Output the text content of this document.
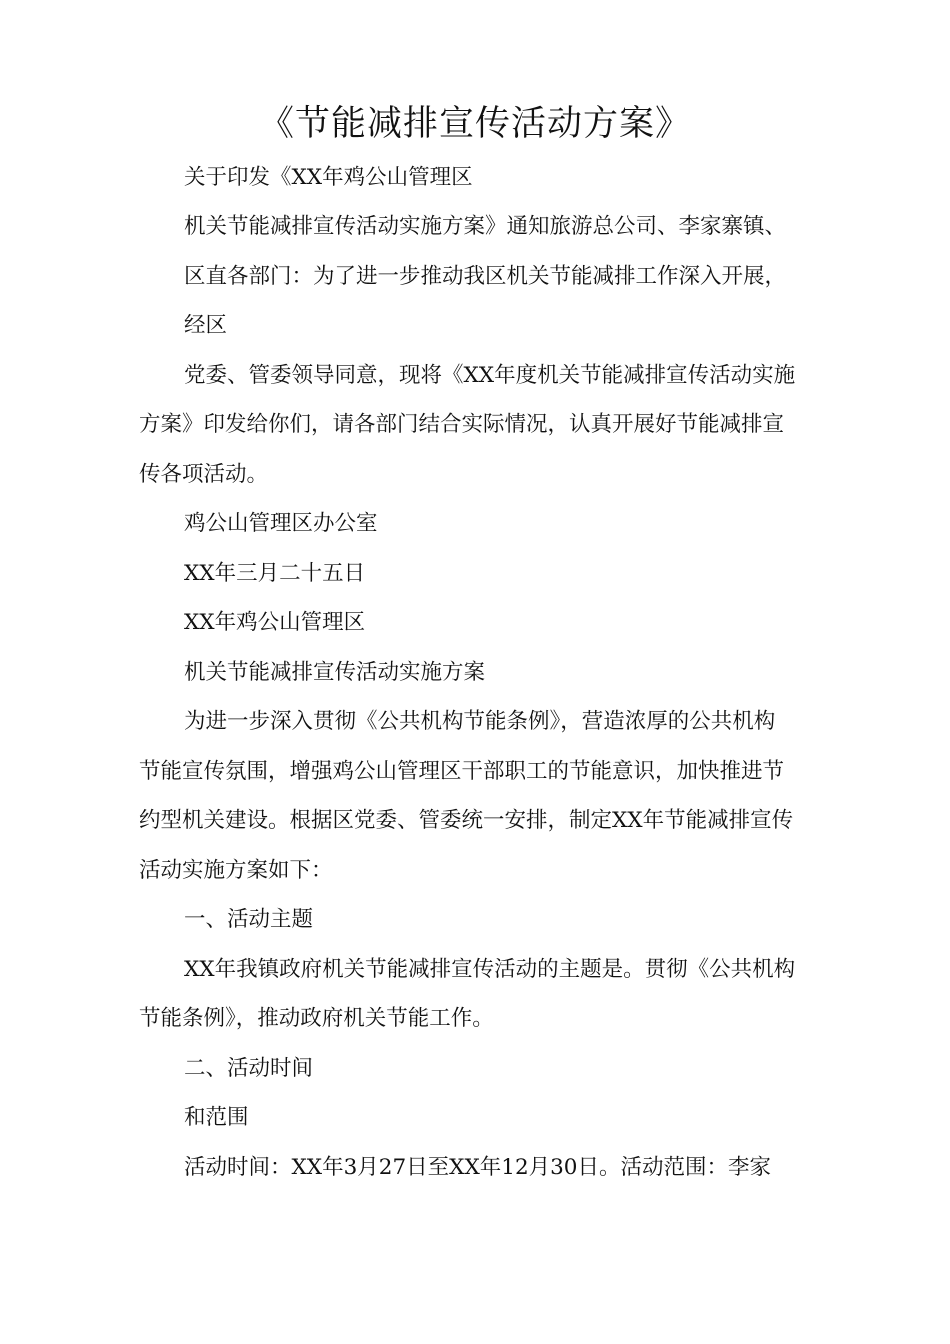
《节能减排宣传活动方案》

关于印发《XX年鸡公山管理区

机关节能减排宣传活动实施方案》通知旅游总公司、李家寨镇、

区直各部门：为了进一步推动我区机关节能减排工作深入开展，

经区

党委、管委领导同意，现将《XX年度机关节能减排宣传活动实施

方案》印发给你们，请各部门结合实际情况，认真开展好节能减排宣

传各项活动。

鸡公山管理区办公室

XX年三月二十五日

XX年鸡公山管理区

机关节能减排宣传活动实施方案

为进一步深入贯彻《公共机构节能条例》，营造浓厚的公共机构

节能宣传氛围，增强鸡公山管理区干部职工的节能意识，加快推进节

约型机关建设。根据区党委、管委统一安排，制定XX年节能减排宣传

活动实施方案如下：

一、活动主题

XX年我镇政府机关节能减排宣传活动的主题是。贯彻《公共机构

节能条例》，推动政府机关节能工作。

二、活动时间

和范围

活动时间：XX年3月27日至XX年12月30日。活动范围：李家
